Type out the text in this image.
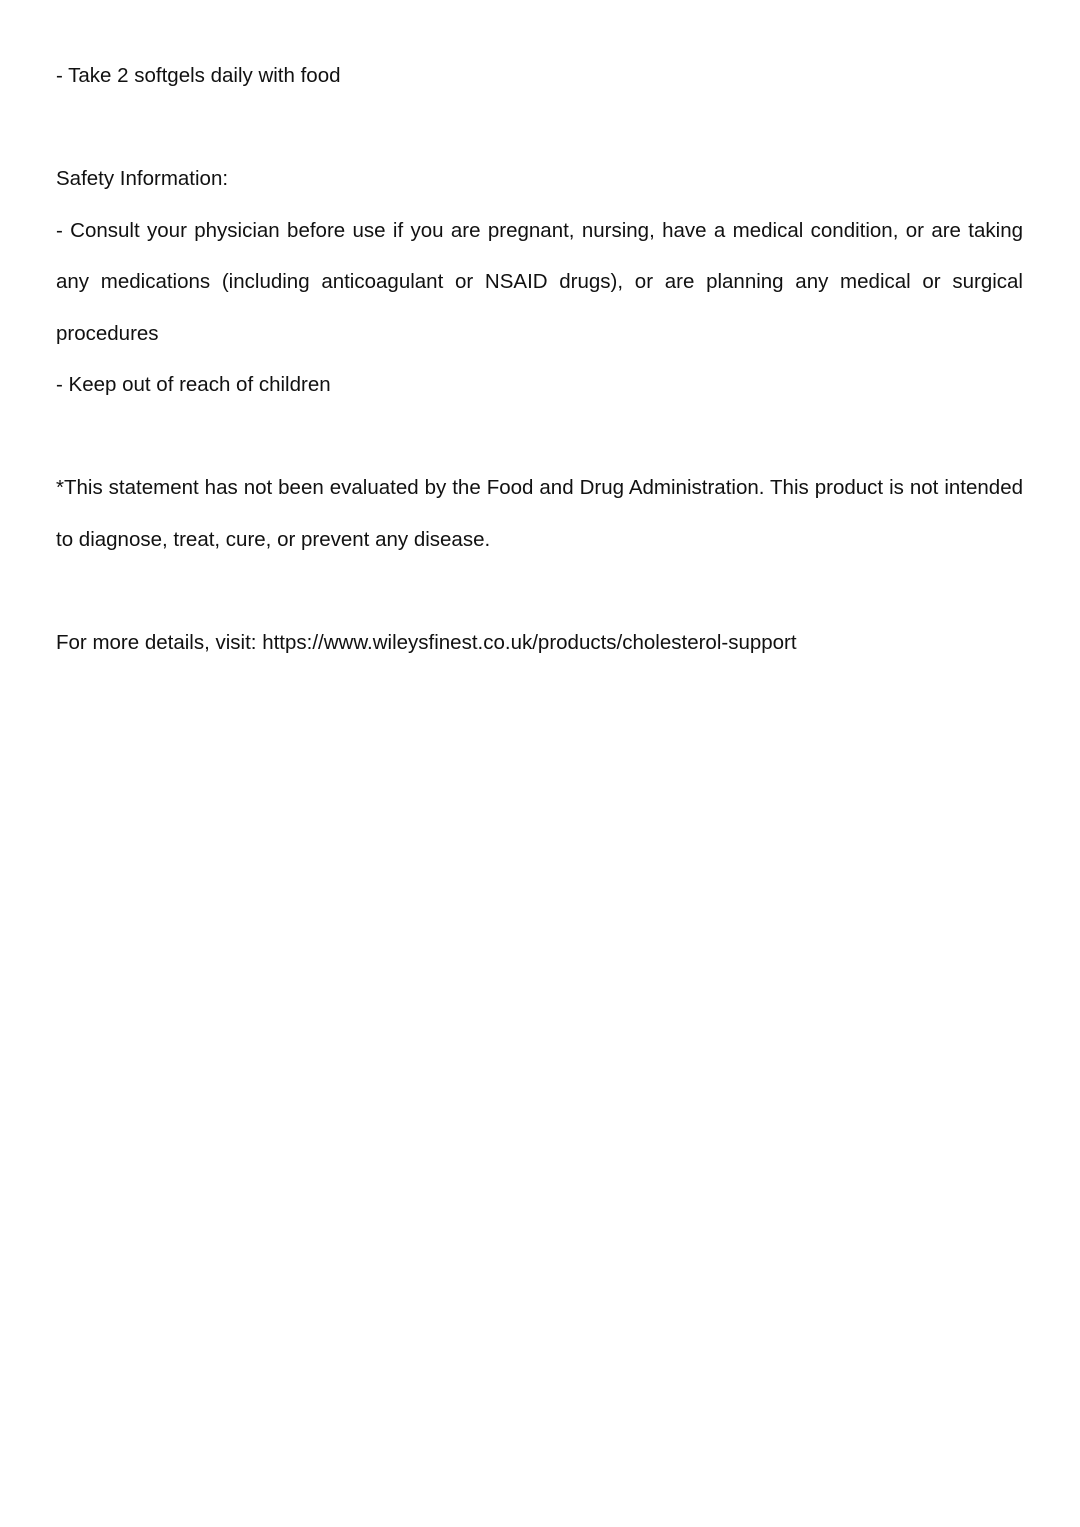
- Take 2 softgels daily with food

Safety Information:

- Consult your physician before use if you are pregnant, nursing, have a medical condition, or are taking any medications (including anticoagulant or NSAID drugs), or are planning any medical or surgical procedures

- Keep out of reach of children

*This statement has not been evaluated by the Food and Drug Administration. This product is not intended to diagnose, treat, cure, or prevent any disease.

For more details, visit: https://www.wileysfinest.co.uk/products/cholesterol-support
